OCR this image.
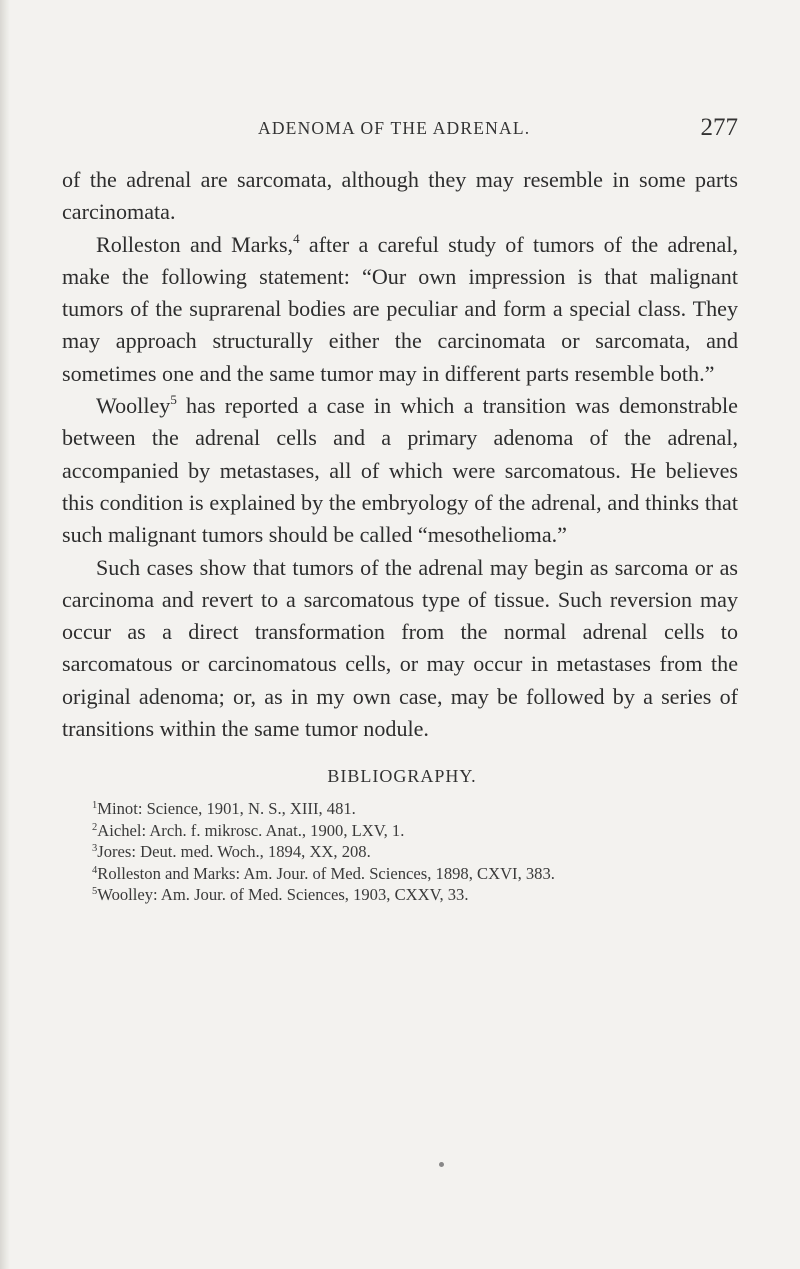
ADENOMA OF THE ADRENAL.	277

of the adrenal are sarcomata, although they may resemble in some parts carcinomata.

Rolleston and Marks,$^4$ after a careful study of tumors of the adrenal, make the following statement: “Our own impression is that malignant tumors of the suprarenal bodies are peculiar and form a special class. They may approach structurally either the carcinomata or sarcomata, and sometimes one and the same tumor may in different parts resemble both.”

Woolley$^5$ has reported a case in which a transition was demonstrable between the adrenal cells and a primary adenoma of the adrenal, accompanied by metastases, all of which were sarcomatous. He believes this condition is explained by the embryology of the adrenal, and thinks that such malignant tumors should be called “mesothelioma.”

Such cases show that tumors of the adrenal may begin as sarcoma or as carcinoma and revert to a sarcomatous type of tissue. Such reversion may occur as a direct transformation from the normal adrenal cells to sarcomatous or carcinomatous cells, or may occur in metastases from the original adenoma; or, as in my own case, may be followed by a series of transitions within the same tumor nodule.

BIBLIOGRAPHY.
$^1$Minot: Science, 1901, N. S., XIII, 481.
$^2$Aichel: Arch. f. mikrosc. Anat., 1900, LXV, 1.
$^3$Jores: Deut. med. Woch., 1894, XX, 208.
$^4$Rolleston and Marks: Am. Jour. of Med. Sciences, 1898, CXVI, 383.
$^5$Woolley: Am. Jour. of Med. Sciences, 1903, CXXV, 33.
